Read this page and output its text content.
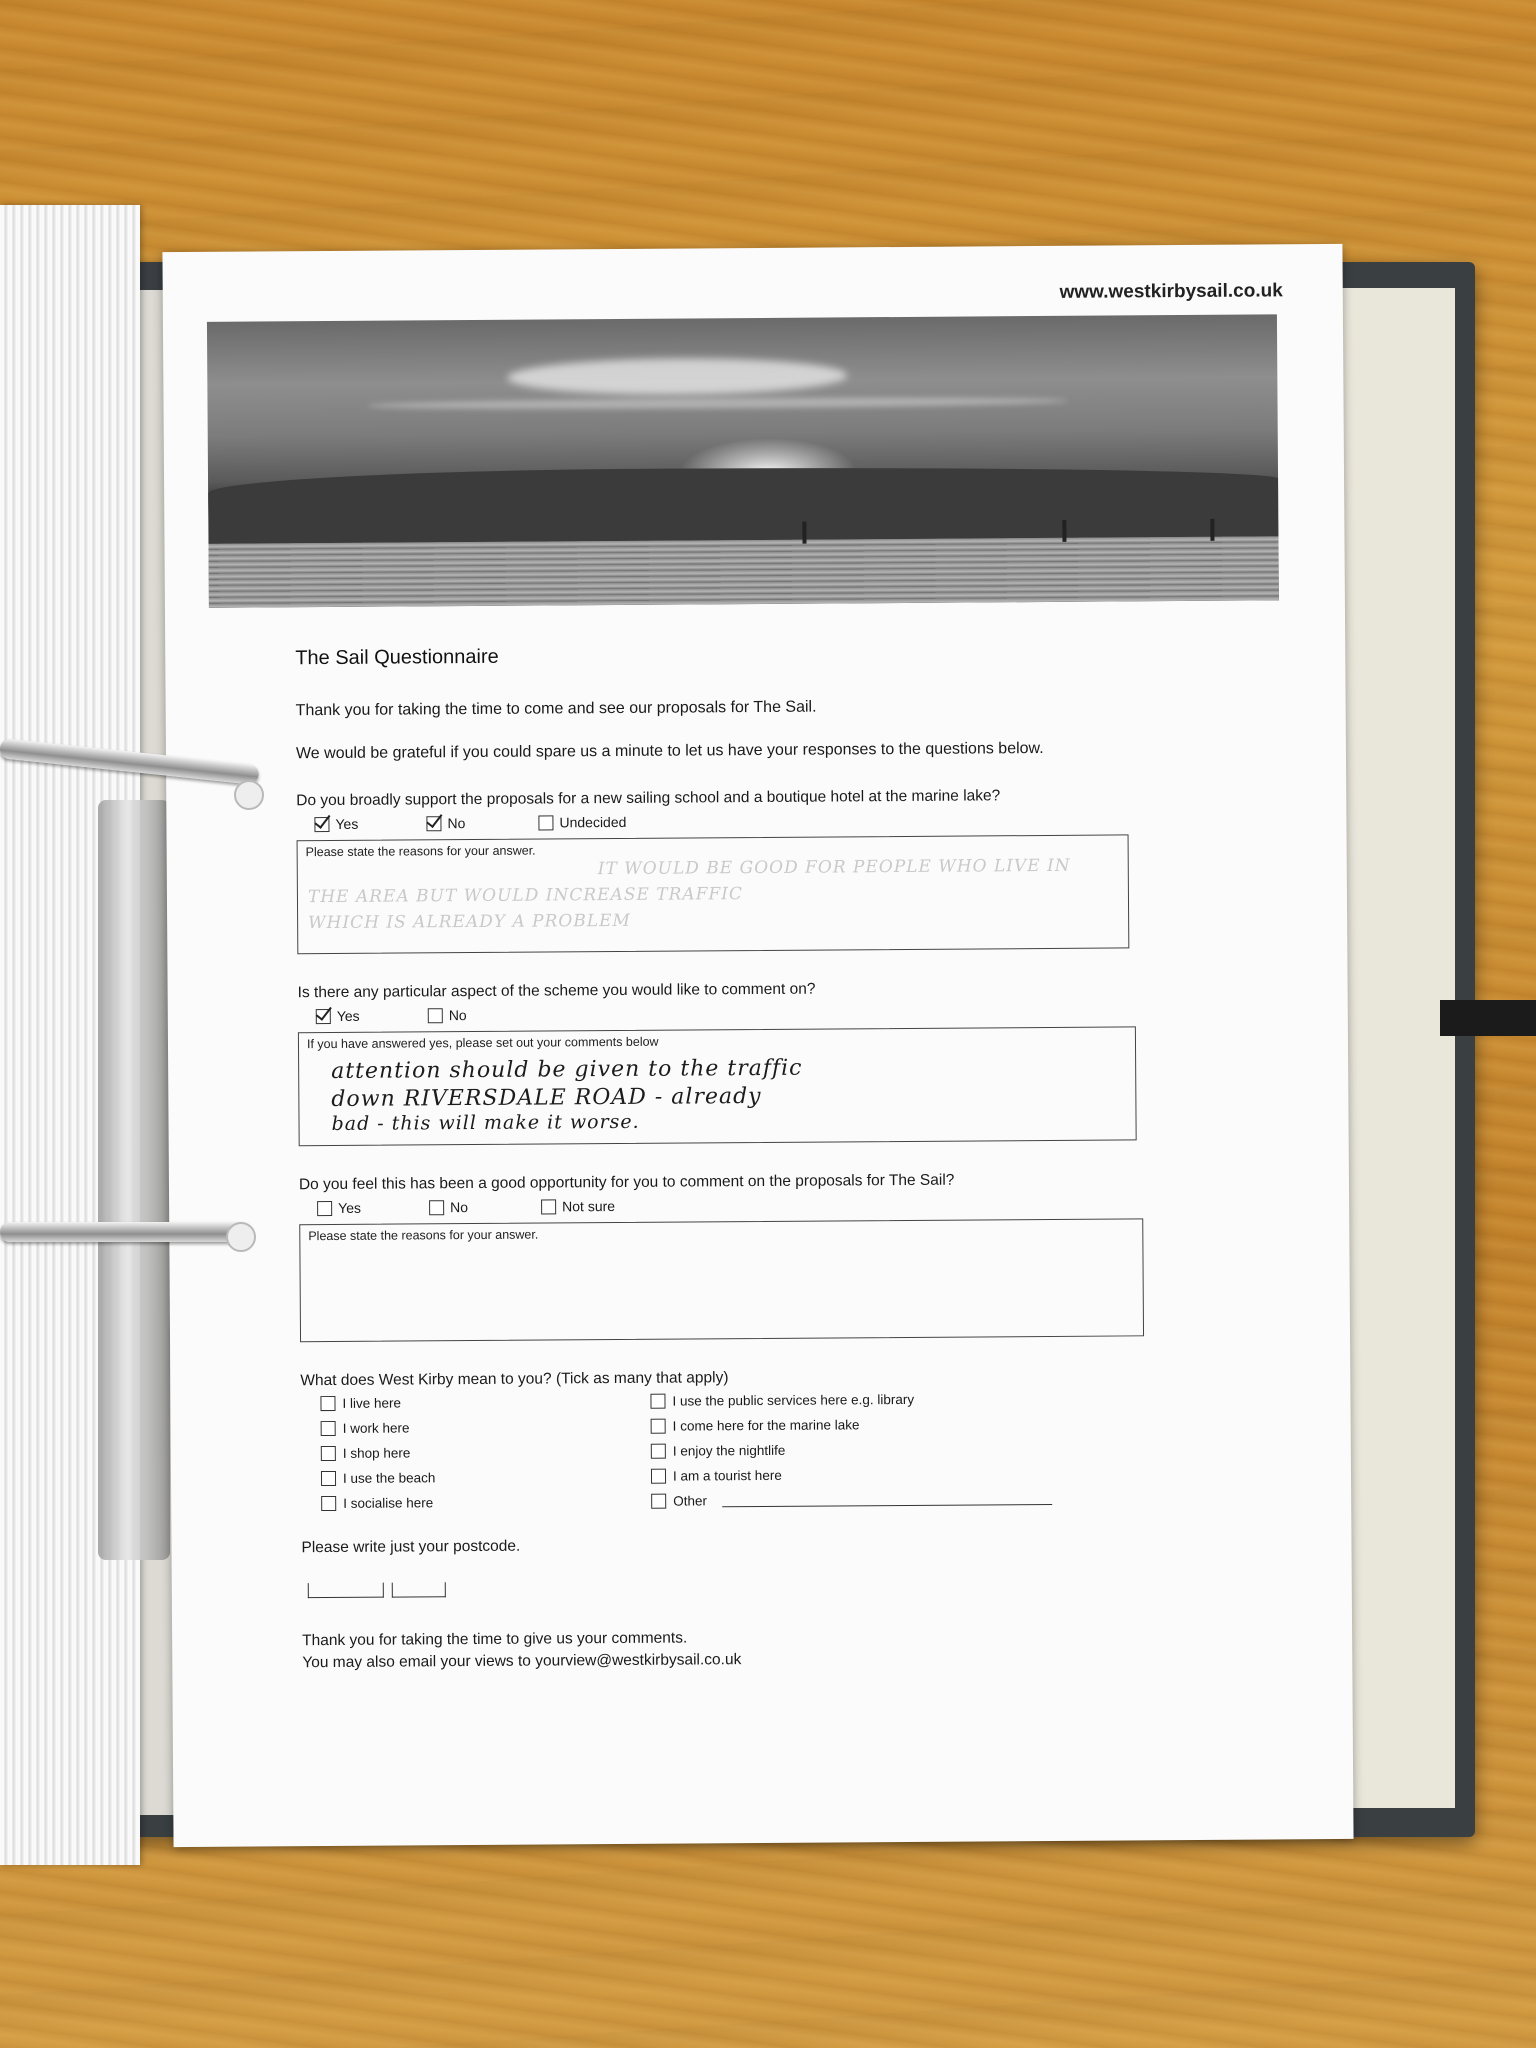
www.westkirbysail.co.uk
The Sail Questionnaire
Thank you for taking the time to come and see our proposals for The Sail.
We would be grateful if you could spare us a minute to let us have your responses to the questions below.
Do you broadly support the proposals for a new sailing school and a boutique hotel at the marine lake?
Yes	No	Undecided
Please state the reasons for your answer.
IT WOULD BE GOOD FOR PEOPLE WHO LIVE IN
THE AREA BUT WOULD INCREASE TRAFFIC
WHICH IS ALREADY A PROBLEM
Is there any particular aspect of the scheme you would like to comment on?
Yes	No
If you have answered yes, please set out your comments below
attention should be given to the traffic
down RIVERSDALE ROAD - already
bad - this will make it worse.
Do you feel this has been a good opportunity for you to comment on the proposals for The Sail?
Yes	No	Not sure
Please state the reasons for your answer.
What does West Kirby mean to you? (Tick as many that apply)
I live here	I use the public services here e.g. library
I work here	I come here for the marine lake
I shop here	I enjoy the nightlife
I use the beach	I am a tourist here
I socialise here	Other
Please write just your postcode.

Thank you for taking the time to give us your comments.

You may also email your views to yourview@westkirbysail.co.uk
